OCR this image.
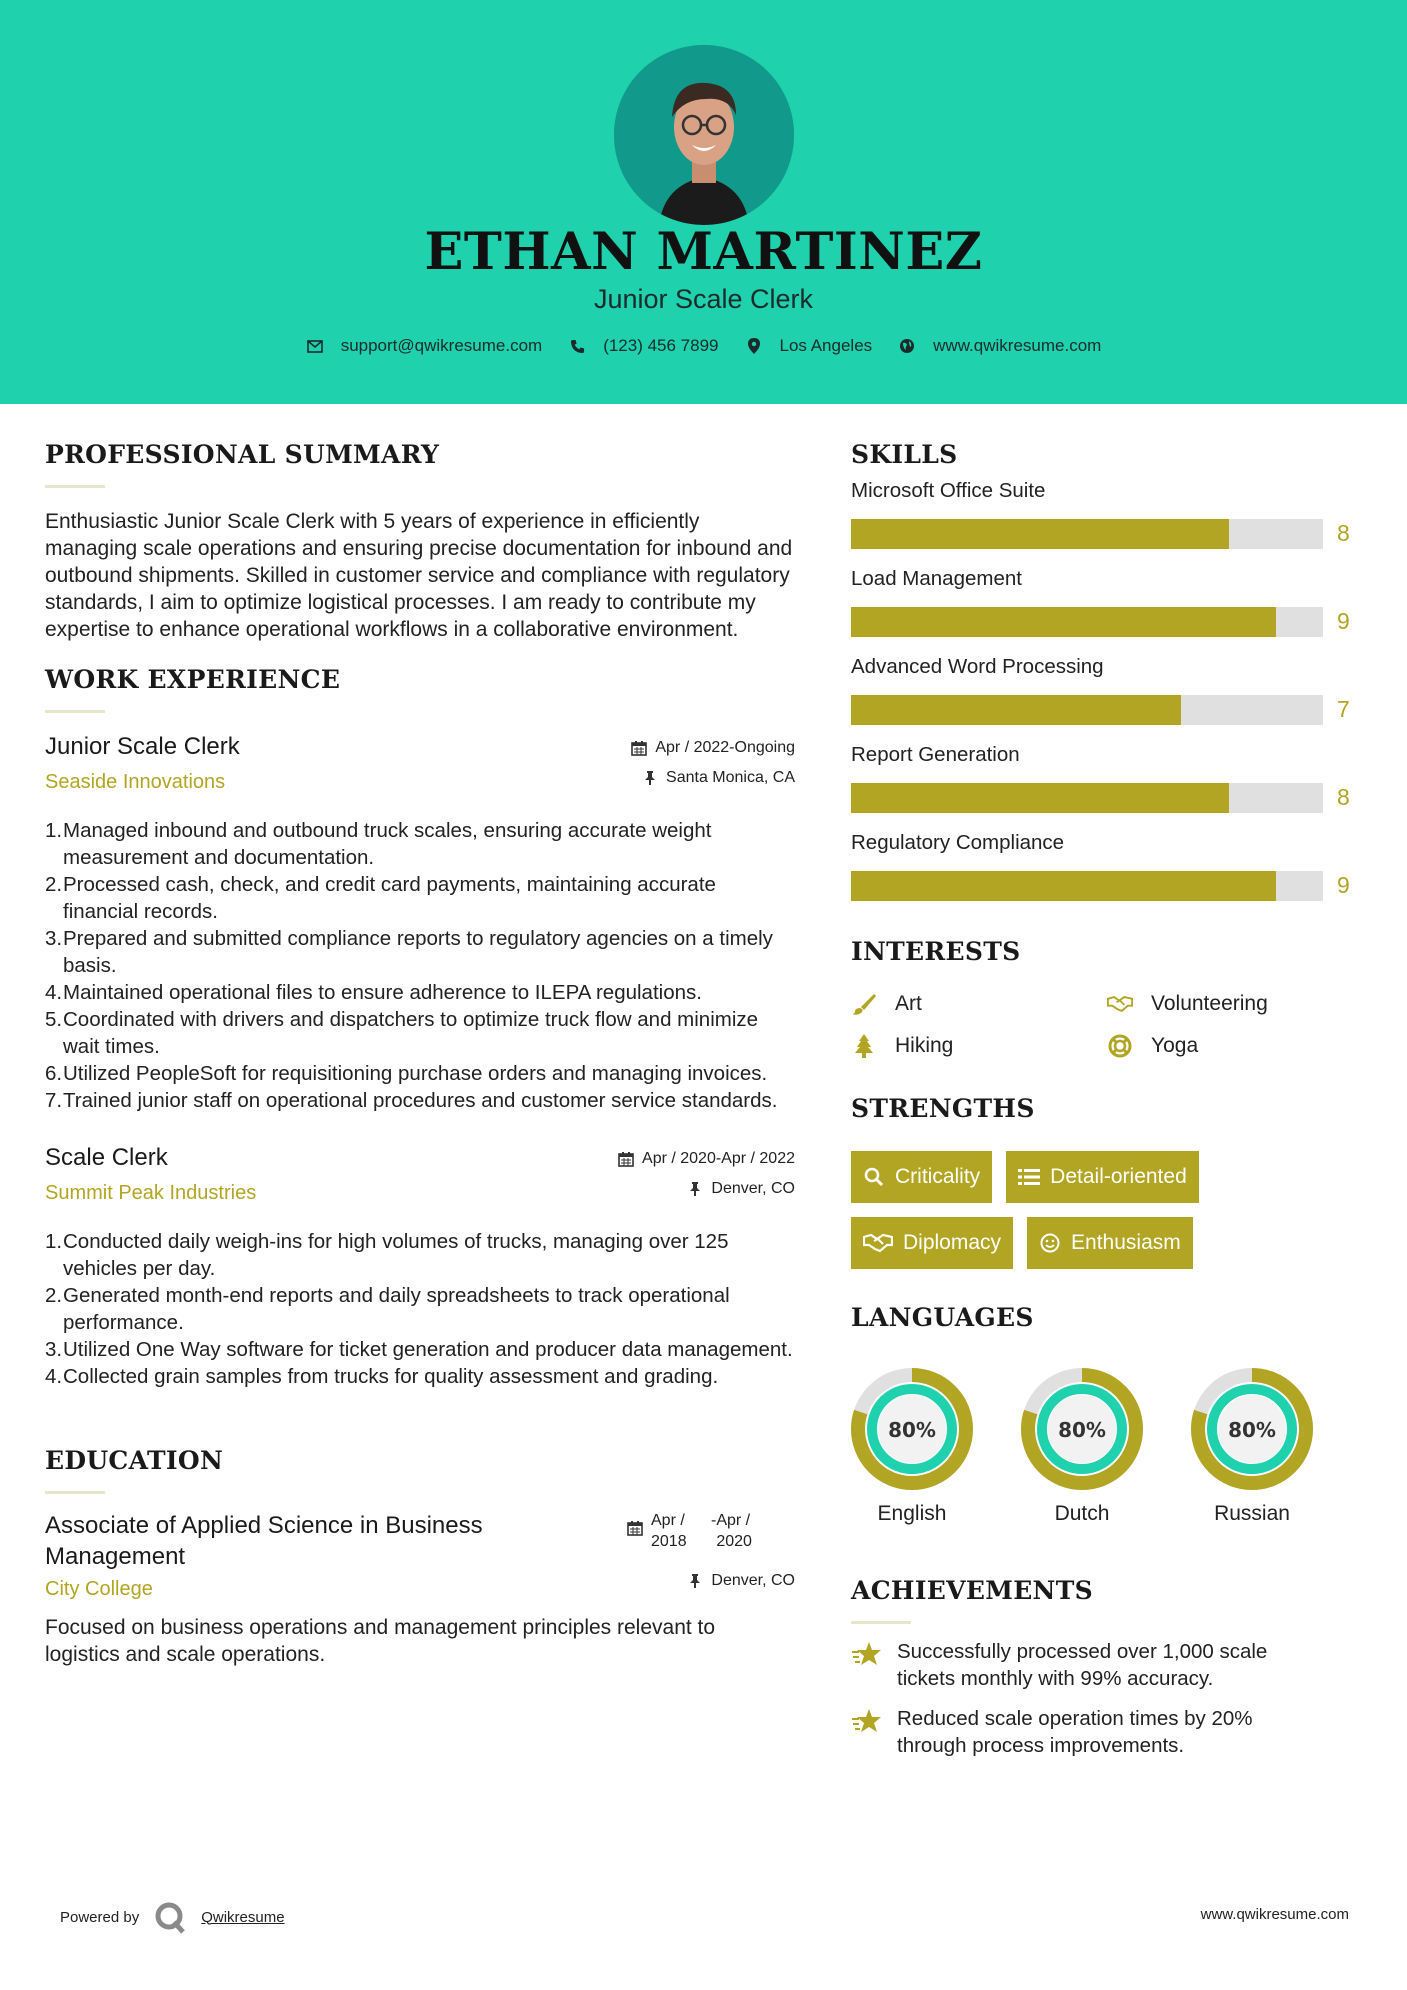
ETHAN MARTINEZ
Junior Scale Clerk
support@qwikresume.com	(123) 456 7899	Los Angeles	www.qwikresume.com
PROFESSIONAL SUMMARY

Enthusiastic Junior Scale Clerk with 5 years of experience in efficiently managing scale operations and ensuring precise documentation for inbound and outbound shipments. Skilled in customer service and compliance with regulatory standards, I aim to optimize logistical processes. I am ready to contribute my expertise to enhance operational workflows in a collaborative environment.

WORK EXPERIENCE
Junior Scale Clerk
Seaside Innovations
Apr / 2022-Ongoing
Santa Monica, CA
1. Managed inbound and outbound truck scales, ensuring accurate weight measurement and documentation.
2. Processed cash, check, and credit card payments, maintaining accurate financial records.
3. Prepared and submitted compliance reports to regulatory agencies on a timely basis.
4. Maintained operational files to ensure adherence to ILEPA regulations.
5. Coordinated with drivers and dispatchers to optimize truck flow and minimize wait times.
6. Utilized PeopleSoft for requisitioning purchase orders and managing invoices.
7. Trained junior staff on operational procedures and customer service standards.
Scale Clerk
Summit Peak Industries
Apr / 2020-Apr / 2022
Denver, CO
1. Conducted daily weigh-ins for high volumes of trucks, managing over 125 vehicles per day.
2. Generated month-end reports and daily spreadsheets to track operational performance.
3. Utilized One Way software for ticket generation and producer data management.
4. Collected grain samples from trucks for quality assessment and grading.
EDUCATION
Associate of Applied Science in Business Management
City College
Apr / 2018
- Apr / 2020
Denver, CO

Focused on business operations and management principles relevant to logistics and scale operations.

SKILLS
Microsoft Office Suite
8
Load Management
9
Advanced Word Processing
7
Report Generation
8
Regulatory Compliance
9
INTERESTS
Art	Volunteering
Hiking	Yoga
STRENGTHS
Criticality	Detail-oriented
Diplomacy	Enthusiasm
LANGUAGES
80%
English
80%
Dutch
80%
Russian
ACHIEVEMENTS
Successfully processed over 1,000 scale tickets monthly with 99% accuracy.
Reduced scale operation times by 20% through process improvements.
Powered by	Qwikresume	www.qwikresume.com
